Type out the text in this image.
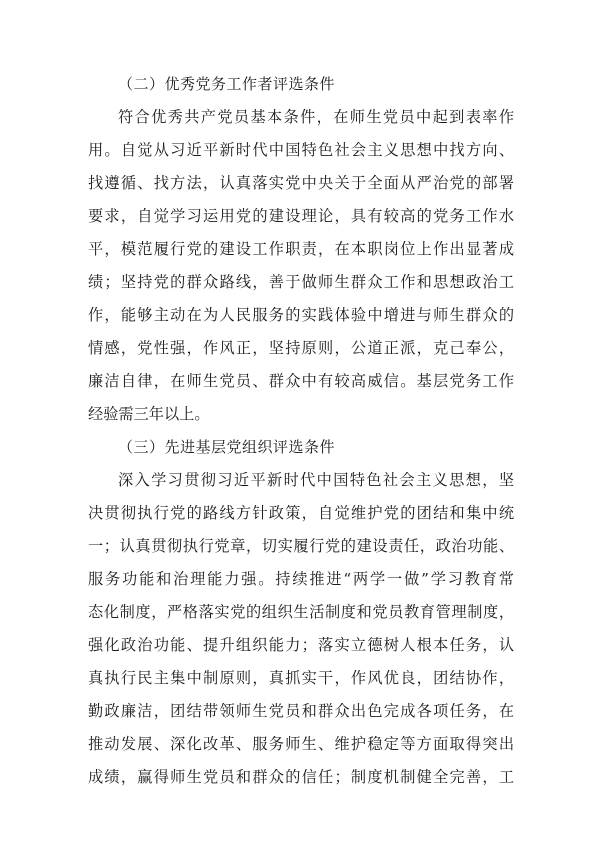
（二）优秀党务工作者评选条件
符合优秀共产党员基本条件，在师生党员中起到表率作
用。自觉从习近平新时代中国特色社会主义思想中找方向、
找遵循、找方法，认真落实党中央关于全面从严治党的部署
要求，自觉学习运用党的建设理论，具有较高的党务工作水
平，模范履行党的建设工作职责，在本职岗位上作出显著成
绩；坚持党的群众路线，善于做师生群众工作和思想政治工
作，能够主动在为人民服务的实践体验中增进与师生群众的
情感，党性强，作风正，坚持原则，公道正派，克己奉公，
廉洁自律，在师生党员、群众中有较高威信。基层党务工作
经验需三年以上。
（三）先进基层党组织评选条件
深入学习贯彻习近平新时代中国特色社会主义思想，坚
决贯彻执行党的路线方针政策，自觉维护党的团结和集中统
一；认真贯彻执行党章，切实履行党的建设责任，政治功能、
服务功能和治理能力强。持续推进“两学一做”学习教育常
态化制度，严格落实党的组织生活制度和党员教育管理制度，
强化政治功能、提升组织能力；落实立德树人根本任务，认
真执行民主集中制原则，真抓实干，作风优良，团结协作，
勤政廉洁，团结带领师生党员和群众出色完成各项任务，在
推动发展、深化改革、服务师生、维护稳定等方面取得突出
成绩，赢得师生党员和群众的信任；制度机制健全完善，工
